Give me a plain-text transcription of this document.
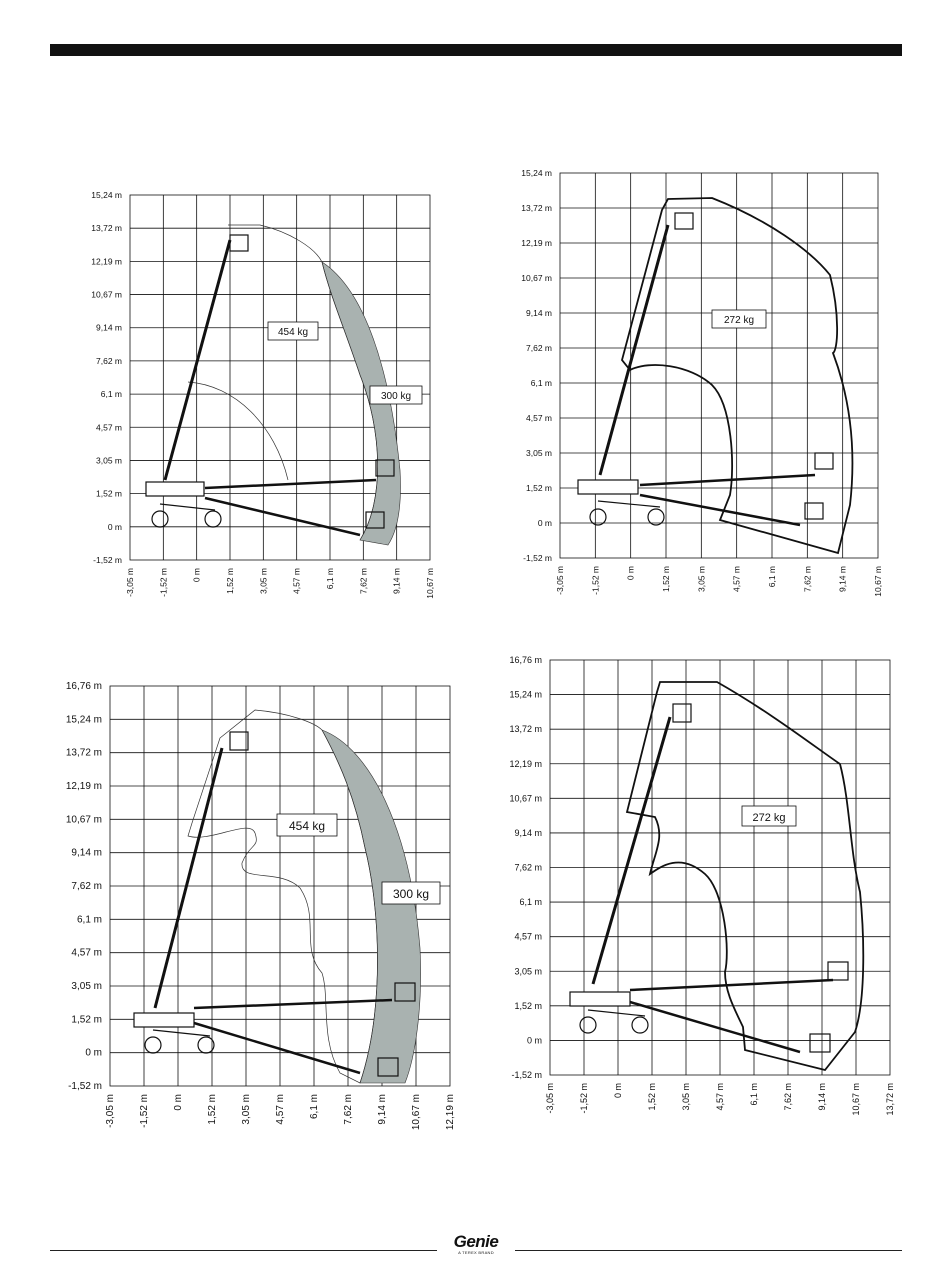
454 kg
300 kg
15,24 m
13,72 m
12,19 m
10,67 m
9,14 m
7,62 m
6,1 m
4,57 m
3,05 m
1,52 m
0 m
-1,52 m
-3,05 m	-1,52 m	0 m	1,52 m	3,05 m	4,57 m	6,1 m	7,62 m	9,14 m	10,67 m
272 kg
15,24 m
13,72 m
12,19 m
10,67 m
9,14 m
7,62 m
6,1 m
4,57 m
3,05 m
1,52 m
0 m
-1,52 m
-3,05 m	-1,52 m	0 m	1,52 m	3,05 m	4,57 m	6,1 m	7,62 m	9,14 m	10,67 m
454 kg
300 kg
16,76 m
15,24 m
13,72 m
12,19 m
10,67 m
9,14 m
7,62 m
6,1 m
4,57 m
3,05 m
1,52 m
0 m
-1,52 m
-3,05 m -1,52 m 0 m 1,52 m 3,05 m 4,57 m 6,1 m 7,62 m 9,14 m 10,67 m 12,19 m
272 kg
16,76 m
15,24 m
13,72 m
12,19 m
10,67 m
9,14 m
7,62 m
6,1 m
4,57 m
3,05 m
1,52 m
0 m
-1,52 m
-3,05 m	-1,52 m	0 m	1,52 m	3,05 m	4,57 m	6,1 m	7,62 m	9,14 m	10,67 m	13,72 m
Genie
A TEREX BRAND
